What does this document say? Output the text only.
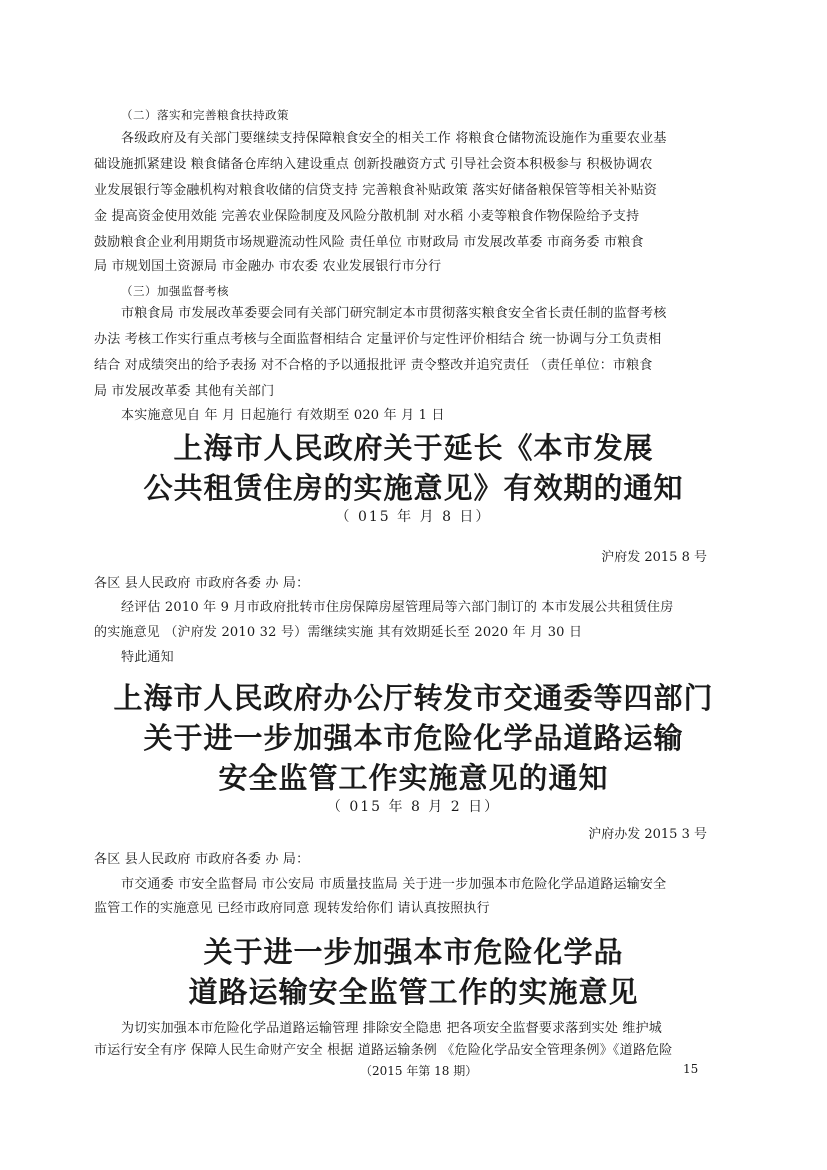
（二）落实和完善粮食扶持政策
各级政府及有关部门要继续支持保障粮食安全的相关工作 将粮食仓储物流设施作为重要农业基
础设施抓紧建设 粮食储备仓库纳入建设重点 创新投融资方式 引导社会资本积极参与 积极协调农
业发展银行等金融机构对粮食收储的信贷支持 完善粮食补贴政策 落实好储备粮保管等相关补贴资
金 提高资金使用效能 完善农业保险制度及风险分散机制 对水稻 小麦等粮食作物保险给予支持
鼓励粮食企业利用期货市场规避流动性风险 责任单位 市财政局 市发展改革委 市商务委 市粮食
局 市规划国土资源局 市金融办 市农委 农业发展银行市分行
（三）加强监督考核
市粮食局 市发展改革委要会同有关部门研究制定本市贯彻落实粮食安全省长责任制的监督考核
办法 考核工作实行重点考核与全面监督相结合 定量评价与定性评价相结合 统一协调与分工负责相
结合 对成绩突出的给予表扬 对不合格的予以通报批评 责令整改并追究责任 （责任单位：市粮食
局 市发展改革委 其他有关部门
本实施意见自 年 月 日起施行 有效期至 020 年 月 1 日
上海市人民政府关于延长《本市发展
公共租赁住房的实施意见》有效期的通知
（ 015 年 月 8 日）
沪府发 2015 8 号
各区 县人民政府 市政府各委 办 局：
经评估 2010 年 9 月市政府批转市住房保障房屋管理局等六部门制订的 本市发展公共租赁住房
的实施意见 （沪府发 2010 32 号）需继续实施 其有效期延长至 2020 年 月 30 日
特此通知
上海市人民政府办公厅转发市交通委等四部门
关于进一步加强本市危险化学品道路运输
安全监管工作实施意见的通知
（ 015 年 8 月 2 日）
沪府办发 2015 3 号
各区 县人民政府 市政府各委 办 局：
市交通委 市安全监督局 市公安局 市质量技监局 关于进一步加强本市危险化学品道路运输安全
监管工作的实施意见 已经市政府同意 现转发给你们 请认真按照执行
关于进一步加强本市危险化学品
道路运输安全监管工作的实施意见
为切实加强本市危险化学品道路运输管理 排除安全隐患 把各项安全监督要求落到实处 维护城
市运行安全有序 保障人民生命财产安全 根据 道路运输条例 《危险化学品安全管理条例》《道路危险
（2015 年第 18 期）	15
